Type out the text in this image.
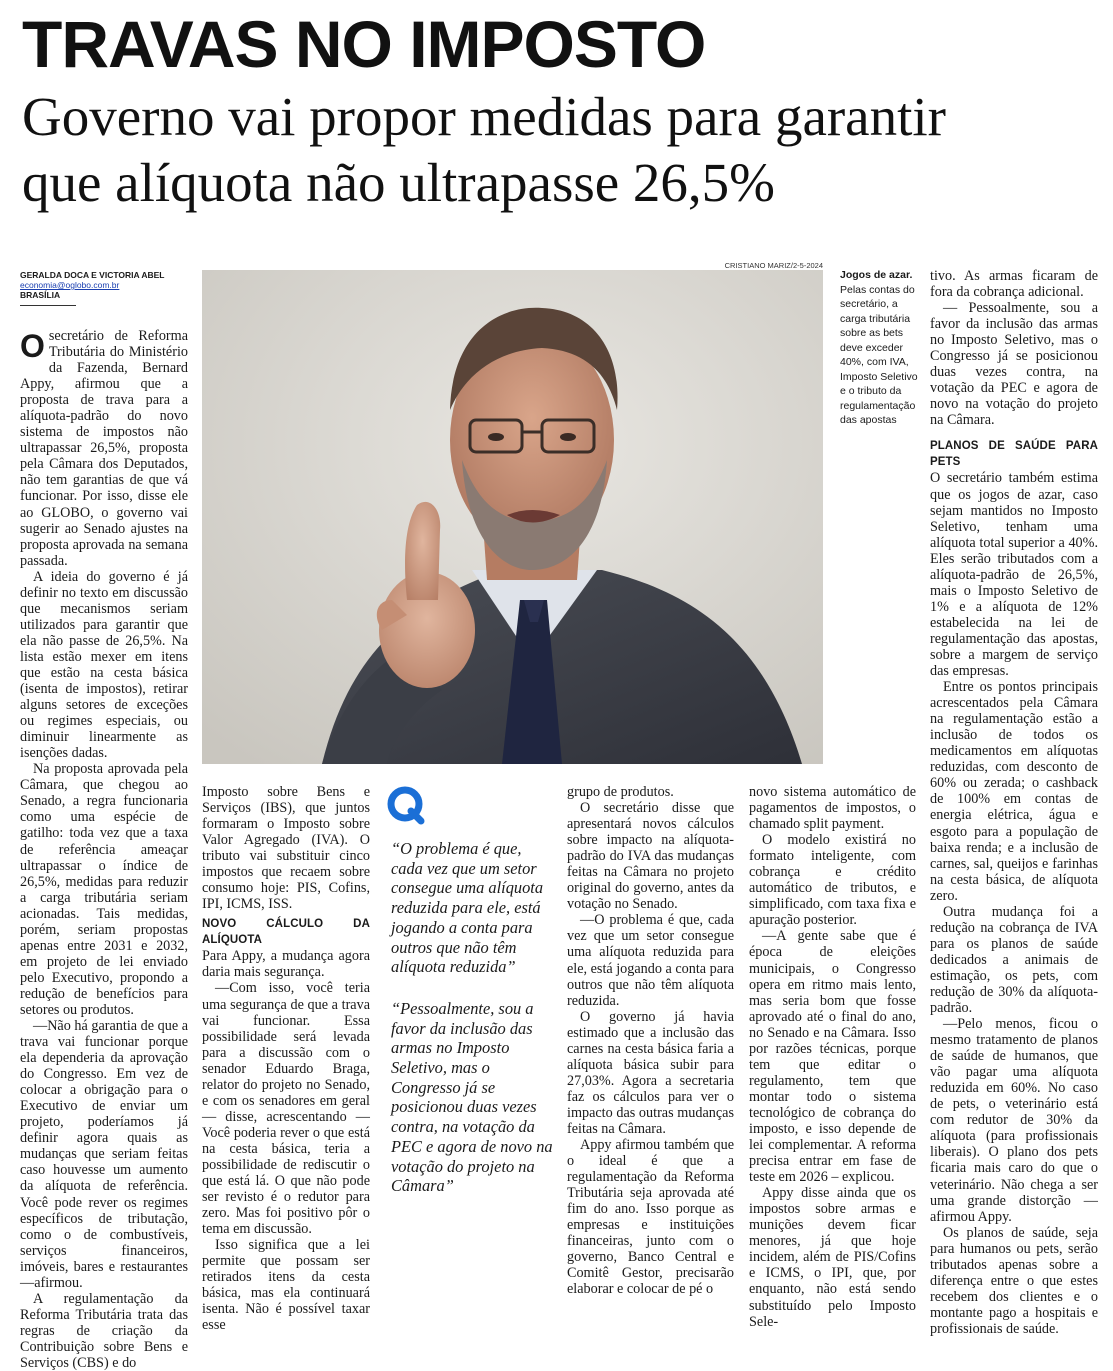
TRAVAS NO IMPOSTO
Governo vai propor medidas para garantir
que alíquota não ultrapasse 26,5%
GERALDA DOCA E VICTORIA ABEL
economia@oglobo.com.br
BRASÍLIA

Osecretário de Reforma Tributária do Ministério da Fazenda, Bernard Appy, afirmou que a proposta de trava para a alíquota-padrão do novo sistema de impostos não ultrapassar 26,5%, proposta pela Câmara dos Deputados, não tem garantias de que vá funcionar. Por isso, disse ele ao GLOBO, o governo vai sugerir ao Senado ajustes na proposta aprovada na semana passada.

A ideia do governo é já definir no texto em discussão que mecanismos seriam utilizados para garantir que ela não passe de 26,5%. Na lista estão mexer em itens que estão na cesta básica (isenta de impostos), retirar alguns setores de exceções ou regimes especiais, ou diminuir linearmente as isenções dadas.

Na proposta aprovada pela Câmara, que chegou ao Senado, a regra funcionaria como uma espécie de gatilho: toda vez que a taxa de referência ameaçar ultrapassar o índice de 26,5%, medidas para reduzir a carga tributária seriam acionadas. Tais medidas, porém, seriam propostas apenas entre 2031 e 2032, em projeto de lei enviado pelo Executivo, propondo a redução de benefícios para setores ou produtos.

—Não há garantia de que a trava vai funcionar porque ela dependeria da aprovação do Congresso. Em vez de colocar a obrigação para o Executivo de enviar um projeto, poderíamos já definir agora quais as mudanças que seriam feitas caso houvesse um aumento da alíquota de referência. Você pode rever os regimes específicos de tributação, como o de combustíveis, serviços financeiros, imóveis, bares e restaurantes —afirmou.

A regulamentação da Reforma Tributária trata das regras de criação da Contribuição sobre Bens e Serviços (CBS) e do

CRISTIANO MARIZ/2-5-2024
Jogos de azar.
Pelas contas do secretário, a carga tributária sobre as bets deve exceder 40%, com IVA, Imposto Seletivo e o tributo da regulamentação das apostas

Imposto sobre Bens e Serviços (IBS), que juntos formaram o Imposto sobre Valor Agregado (IVA). O tributo vai substituir cinco impostos que recaem sobre consumo hoje: PIS, Cofins, IPI, ICMS, ISS.

NOVO CÁLCULO DA ALÍQUOTA

Para Appy, a mudança agora daria mais segurança.

—Com isso, você teria uma segurança de que a trava vai funcionar. Essa possibilidade será levada para a discussão com o senador Eduardo Braga, relator do projeto no Senado, e com os senadores em geral — disse, acrescentando — Você poderia rever o que está na cesta básica, teria a possibilidade de rediscutir o que está lá. O que não pode ser revisto é o redutor para zero. Mas foi positivo pôr o tema em discussão.

Isso significa que a lei permite que possam ser retirados itens da cesta básica, mas ela continuará isenta. Não é possível taxar esse

“O problema é que, cada vez que um setor consegue uma alíquota reduzida para ele, está jogando a conta para outros que não têm alíquota reduzida”
“Pessoalmente, sou a favor da inclusão das armas no Imposto Seletivo, mas o Congresso já se posicionou duas vezes contra, na votação da PEC e agora de novo na votação do projeto na Câmara”

grupo de produtos.

O secretário disse que apresentará novos cálculos sobre impacto na alíquota-padrão do IVA das mudanças feitas na Câmara no projeto original do governo, antes da votação no Senado.

—O problema é que, cada vez que um setor consegue uma alíquota reduzida para ele, está jogando a conta para outros que não têm alíquota reduzida.

O governo já havia estimado que a inclusão das carnes na cesta básica faria a alíquota básica subir para 27,03%. Agora a secretaria faz os cálculos para ver o impacto das outras mudanças feitas na Câmara.

Appy afirmou também que o ideal é que a regulamentação da Reforma Tributária seja aprovada até fim do ano. Isso porque as empresas e instituições financeiras, junto com o governo, Banco Central e Comitê Gestor, precisarão elaborar e colocar de pé o

novo sistema automático de pagamentos de impostos, o chamado split payment.

O modelo existirá no formato inteligente, com cobrança e crédito automático de tributos, e simplificado, com taxa fixa e apuração posterior.

—A gente sabe que é época de eleições municipais, o Congresso opera em ritmo mais lento, mas seria bom que fosse aprovado até o final do ano, no Senado e na Câmara. Isso por razões técnicas, porque tem que editar o regulamento, tem que montar todo o sistema tecnológico de cobrança do imposto, e isso depende de lei complementar. A reforma precisa entrar em fase de teste em 2026 – explicou.

Appy disse ainda que os impostos sobre armas e munições devem ficar menores, já que hoje incidem, além de PIS/Cofins e ICMS, o IPI, que, por enquanto, não está sendo substituído pelo Imposto Sele-

tivo. As armas ficaram de fora da cobrança adicional.

— Pessoalmente, sou a favor da inclusão das armas no Imposto Seletivo, mas o Congresso já se posicionou duas vezes contra, na votação da PEC e agora de novo na votação do projeto na Câmara.

PLANOS DE SAÚDE PARA PETS

O secretário também estima que os jogos de azar, caso sejam mantidos no Imposto Seletivo, tenham uma alíquota total superior a 40%. Eles serão tributados com a alíquota-padrão de 26,5%, mais o Imposto Seletivo de 1% e a alíquota de 12% estabelecida na lei de regulamentação das apostas, sobre a margem de serviço das empresas.

Entre os pontos principais acrescentados pela Câmara na regulamentação estão a inclusão de todos os medicamentos em alíquotas reduzidas, com desconto de 60% ou zerada; o cashback de 100% em contas de energia elétrica, água e esgoto para a população de baixa renda; e a inclusão de carnes, sal, queijos e farinhas na cesta básica, de alíquota zero.

Outra mudança foi a redução na cobrança de IVA para os planos de saúde dedicados a animais de estimação, os pets, com redução de 30% da alíquota-padrão.

—Pelo menos, ficou o mesmo tratamento de planos de saúde de humanos, que vão pagar uma alíquota reduzida em 60%. No caso de pets, o veterinário está com redutor de 30% da alíquota (para profissionais liberais). O plano dos pets ficaria mais caro do que o veterinário. Não chega a ser uma grande distorção — afirmou Appy.

Os planos de saúde, seja para humanos ou pets, serão tributados apenas sobre a diferença entre o que estes recebem dos clientes e o montante pago a hospitais e profissionais de saúde.
